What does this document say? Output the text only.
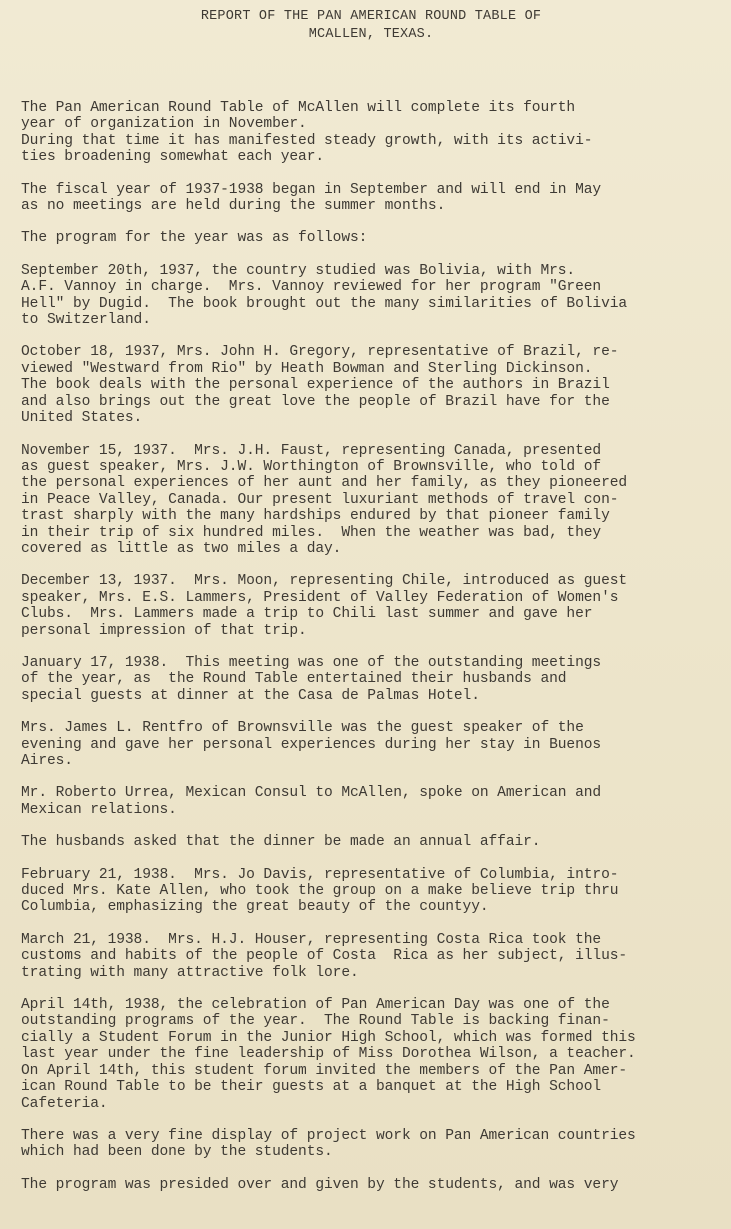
REPORT OF THE PAN AMERICAN ROUND TABLE OF
MCALLEN, TEXAS.
The Pan American Round Table of McAllen will complete its fourth
year of organization in November.
During that time it has manifested steady growth, with its activi-
ties broadening somewhat each year.
The fiscal year of 1937-1938 began in September and will end in May
as no meetings are held during the summer months.
The program for the year was as follows:
September 20th, 1937, the country studied was Bolivia, with Mrs.
A.F. Vannoy in charge.  Mrs. Vannoy reviewed for her program "Green
Hell" by Dugid.  The book brought out the many similarities of Bolivia
to Switzerland.
October 18, 1937, Mrs. John H. Gregory, representative of Brazil, re-
viewed "Westward from Rio" by Heath Bowman and Sterling Dickinson.
The book deals with the personal experience of the authors in Brazil
and also brings out the great love the people of Brazil have for the
United States.
November 15, 1937.  Mrs. J.H. Faust, representing Canada, presented
as guest speaker, Mrs. J.W. Worthington of Brownsville, who told of
the personal experiences of her aunt and her family, as they pioneered
in Peace Valley, Canada. Our present luxuriant methods of travel con-
trast sharply with the many hardships endured by that pioneer family
in their trip of six hundred miles.  When the weather was bad, they
covered as little as two miles a day.
December 13, 1937.  Mrs. Moon, representing Chile, introduced as guest
speaker, Mrs. E.S. Lammers, President of Valley Federation of Women's
Clubs.  Mrs. Lammers made a trip to Chili last summer and gave her
personal impression of that trip.
January 17, 1938.  This meeting was one of the outstanding meetings
of the year, as  the Round Table entertained their husbands and
special guests at dinner at the Casa de Palmas Hotel.
Mrs. James L. Rentfro of Brownsville was the guest speaker of the
evening and gave her personal experiences during her stay in Buenos
Aires.
Mr. Roberto Urrea, Mexican Consul to McAllen, spoke on American and
Mexican relations.
The husbands asked that the dinner be made an annual affair.
February 21, 1938.  Mrs. Jo Davis, representative of Columbia, intro-
duced Mrs. Kate Allen, who took the group on a make believe trip thru
Columbia, emphasizing the great beauty of the countyy.
March 21, 1938.  Mrs. H.J. Houser, representing Costa Rica took the
customs and habits of the people of Costa  Rica as her subject, illus-
trating with many attractive folk lore.
April 14th, 1938, the celebration of Pan American Day was one of the
outstanding programs of the year.  The Round Table is backing finan-
cially a Student Forum in the Junior High School, which was formed this
last year under the fine leadership of Miss Dorothea Wilson, a teacher.
On April 14th, this student forum invited the members of the Pan Amer-
ican Round Table to be their guests at a banquet at the High School
Cafeteria.
There was a very fine display of project work on Pan American countries
which had been done by the students.
The program was presided over and given by the students, and was very
